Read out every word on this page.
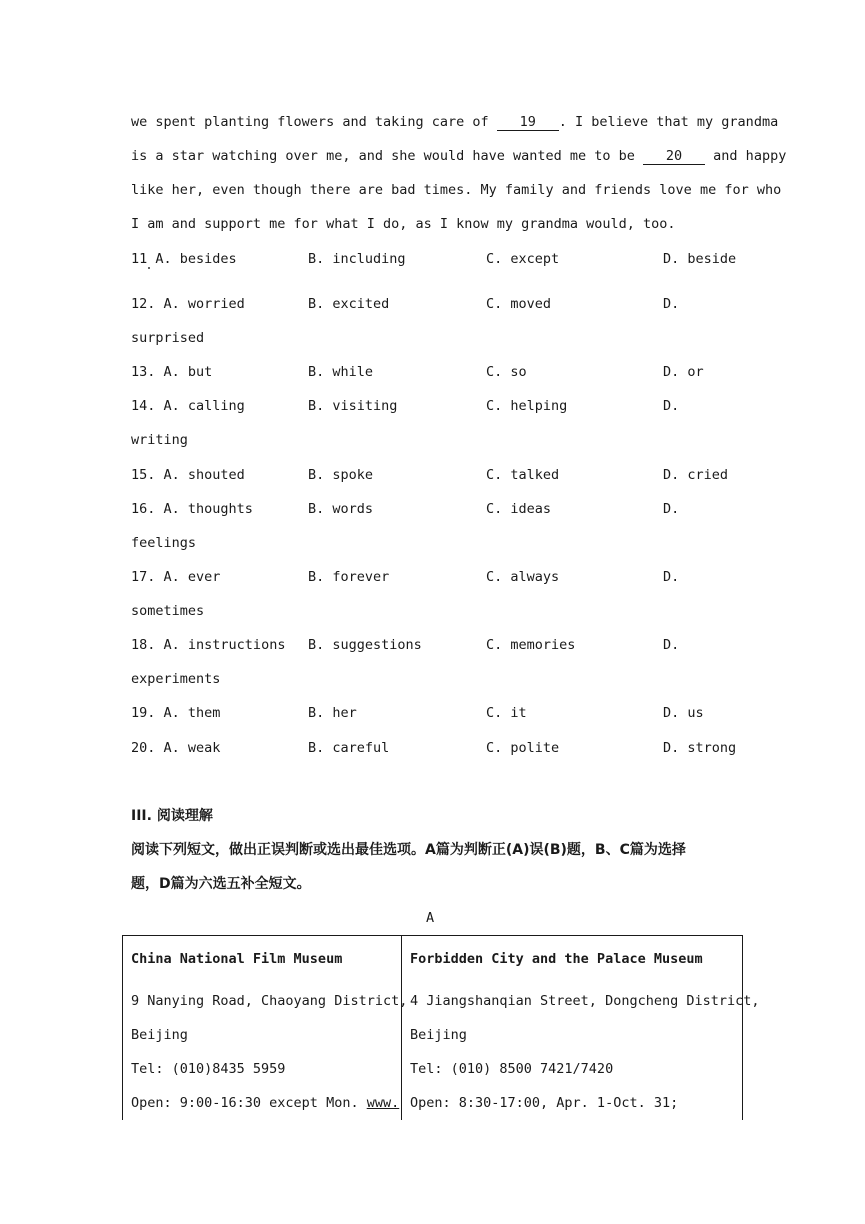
we spent planting flowers and taking care of 19 . I believe that my grandma
is a star watching over me, and she would have wanted me to be 20 and happy
like her, even though there are bad times. My family and friends love me for who
I am and support me for what I do, as I know my grandma would, too.
11 A. besides	B. including	C. except	D. beside
12. A. worried	B. excited	C. moved	D.
surprised
13. A. but	B. while	C. so	D. or
14. A. calling	B. visiting	C. helping	D.
writing
15. A. shouted	B. spoke	C. talked	D. cried
16. A. thoughts	B. words	C. ideas	D.
feelings
17. A. ever	B. forever	C. always	D.
sometimes
18. A. instructions B. suggestions	C. memories	D.
experiments
19. A. them	B. her	C. it	D. us
20. A. weak	B. careful	C. polite	D. strong
III. 阅读理解
阅读下列短文，做出正误判断或选出最佳选项。A篇为判断正(A)误(B)题，B、C篇为选择
题，D篇为六选五补全短文。
A
China National Film Museum
9 Nanying Road, Chaoyang District,
Beijing
Tel: (010)8435 5959
Open: 9:00-16:30 except Mon. www.

Forbidden City and the Palace Museum
4 Jiangshanqian Street, Dongcheng District,
Beijing
Tel: (010) 8500 7421/7420
Open: 8:30-17:00, Apr. 1-Oct. 31;
